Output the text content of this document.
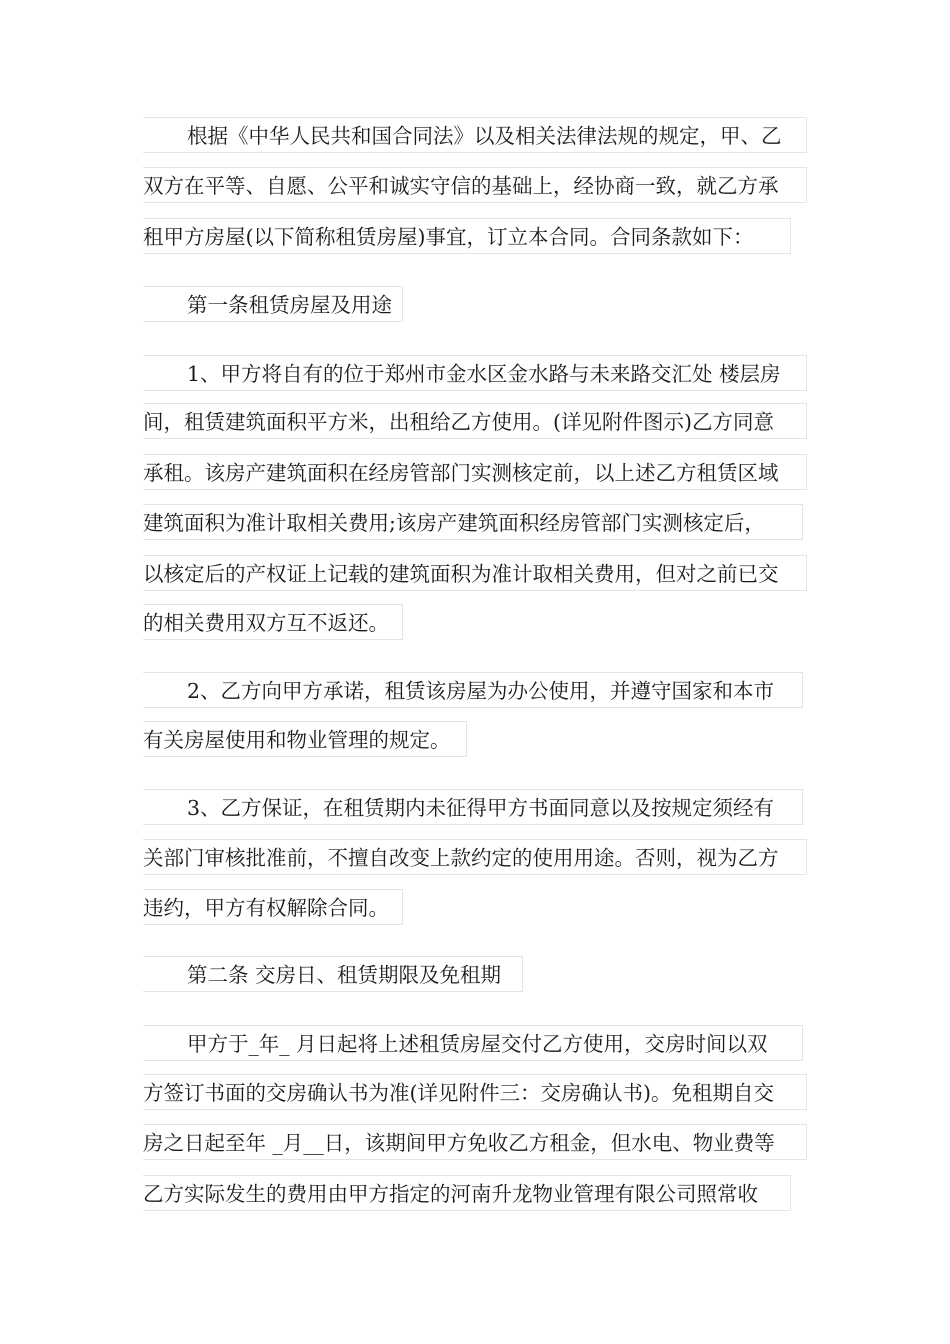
根据《中华人民共和国合同法》以及相关法律法规的规定，甲、乙
双方在平等、自愿、公平和诚实守信的基础上，经协商一致，就乙方承
租甲方房屋(以下简称租赁房屋)事宜，订立本合同。合同条款如下：
第一条租赁房屋及用途
1、甲方将自有的位于郑州市金水区金水路与未来路交汇处 楼层房
间，租赁建筑面积平方米，出租给乙方使用。(详见附件图示)乙方同意
承租。该房产建筑面积在经房管部门实测核定前，以上述乙方租赁区域
建筑面积为准计取相关费用;该房产建筑面积经房管部门实测核定后，
以核定后的产权证上记载的建筑面积为准计取相关费用，但对之前已交
的相关费用双方互不返还。
2、乙方向甲方承诺，租赁该房屋为办公使用，并遵守国家和本市
有关房屋使用和物业管理的规定。
3、乙方保证，在租赁期内未征得甲方书面同意以及按规定须经有
关部门审核批准前，不擅自改变上款约定的使用用途。否则，视为乙方
违约，甲方有权解除合同。
第二条 交房日、租赁期限及免租期
甲方于_年_ 月日起将上述租赁房屋交付乙方使用，交房时间以双
方签订书面的交房确认书为准(详见附件三：交房确认书)。免租期自交
房之日起至年 _月__日，该期间甲方免收乙方租金，但水电、物业费等
乙方实际发生的费用由甲方指定的河南升龙物业管理有限公司照常收
